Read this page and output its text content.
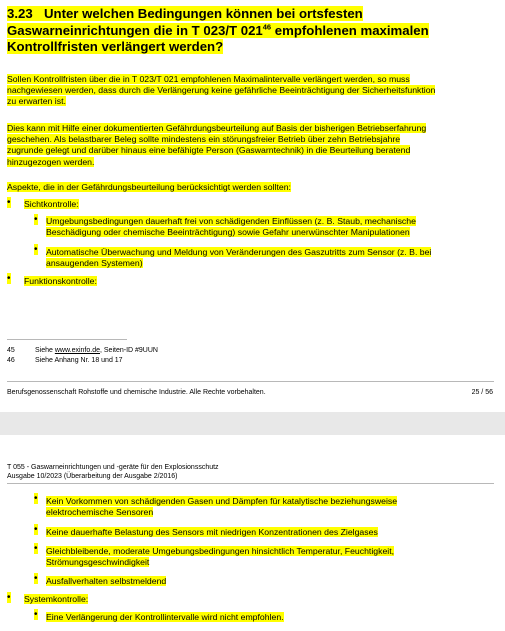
3.23 Unter welchen Bedingungen können bei ortsfesten
Gaswarneinrichtungen die in T 023/T $021^{46}$ empfohlenen maximalen
Kontrollfristen verlängert werden?
Sollen Kontrollfristen über die in T 023/T 021 empfohlenen Maximalintervalle verlängert werden, so muss
nachgewiesen werden, dass durch die Verlängerung keine gefährliche Beeinträchtigung der Sicherheitsfunktion
zu erwarten ist.
Dies kann mit Hilfe einer dokumentierten Gefährdungsbeurteilung auf Basis der bisherigen Betriebserfahrung
geschehen. Als belastbarer Beleg sollte mindestens ein störungsfreier Betrieb über zehn Betriebsjahre
zugrunde gelegt und darüber hinaus eine befähigte Person (Gaswarntechnik) in die Beurteilung beratend
hinzugezogen werden.
Aspekte, die in der Gefährdungsbeurteilung berücksichtigt werden sollten:
• Sichtkontrolle:
• Umgebungsbedingungen dauerhaft frei von schädigenden Einflüssen (z. B. Staub, mechanische
Beschädigung oder chemische Beeinträchtigung) sowie Gefahr unerwünschter Manipulationen
• Automatische Überwachung und Meldung von Veränderungen des Gaszutritts zum Sensor (z. B. bei
ansaugenden Systemen)
• Funktionskontrolle:
45	Siehe www.exinfo.de, Seiten-ID #9UUN
46	Siehe Anhang Nr. 18 und 17
Berufsgenossenschaft Rohstoffe und chemische Industrie. Alle Rechte vorbehalten.	25 / 56
T 055 - Gaswarneinrichtungen und -geräte für den Explosionsschutz
Ausgabe 10/2023 (Überarbeitung der Ausgabe 2/2016)
• Kein Vorkommen von schädigenden Gasen und Dämpfen für katalytische beziehungsweise
elektrochemische Sensoren
• Keine dauerhafte Belastung des Sensors mit niedrigen Konzentrationen des Zielgases
• Gleichbleibende, moderate Umgebungsbedingungen hinsichtlich Temperatur, Feuchtigkeit,
Strömungsgeschwindigkeit
• Ausfallverhalten selbstmeldend
• Systemkontrolle:
• Eine Verlängerung der Kontrollintervalle wird nicht empfohlen.
